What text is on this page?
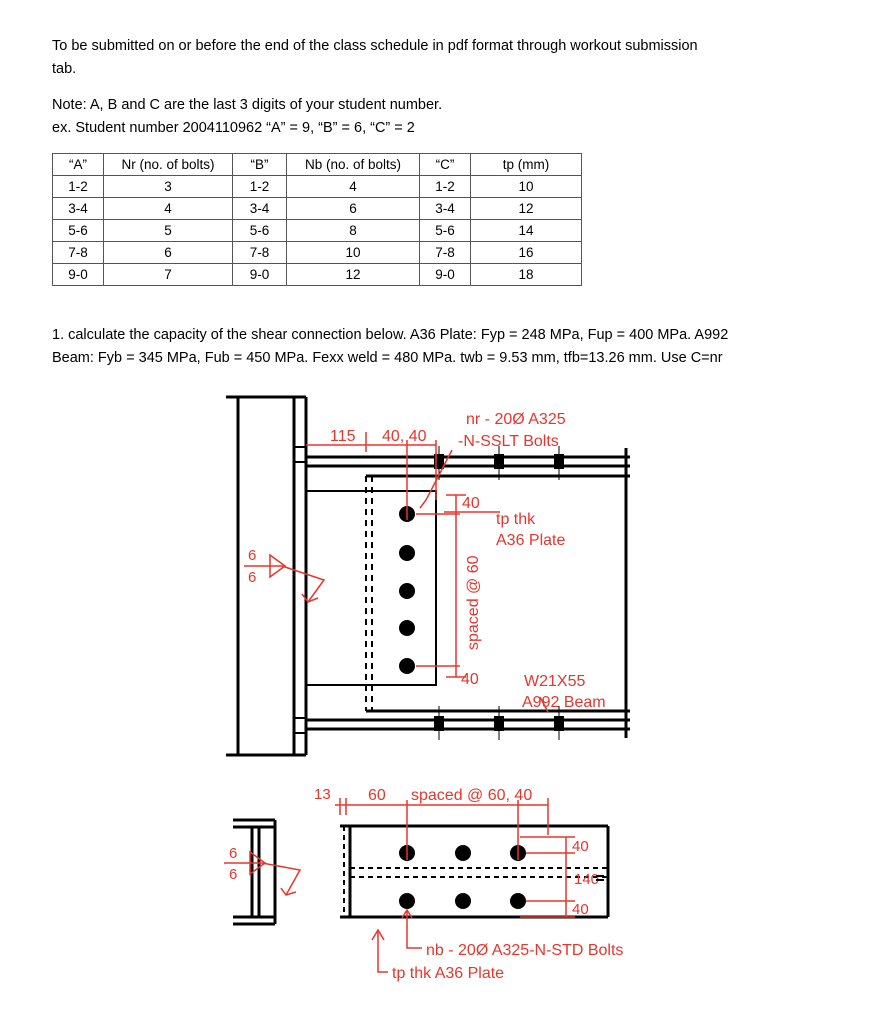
To be submitted on or before the end of the class schedule in pdf format through workout submission
tab.
Note: A, B and C are the last 3 digits of your student number.
ex. Student number 2004110962 “A” = 9, “B” = 6, “C” = 2
“A”	Nr (no. of bolts)	“B”	Nb (no. of bolts)	“C”	tp (mm)
1-2	3	1-2	4	1-2	10
3-4	4	3-4	6	3-4	12
5-6	5	5-6	8	5-6	14
7-8	6	7-8	10	7-8	16
9-0	7	9-0	12	9-0	18
1. calculate the capacity of the shear connection below. A36 Plate: Fyp = 248 MPa, Fup = 400 MPa. A992
Beam: Fyb = 345 MPa, Fub = 450 MPa. Fexx weld = 480 MPa. twb = 9.53 mm, tfb=13.26 mm. Use C=nr
115 40, 40
nr - 20Ø A325
-N-SSLT Bolts
40
tp thk
A36 Plate
6
6	spaced @ 60
40	W21X55
A992 Beam
13 60 spaced @ 60, 40
6
6
40
140
40
nb - 20Ø A325-N-STD Bolts
tp thk A36 Plate
